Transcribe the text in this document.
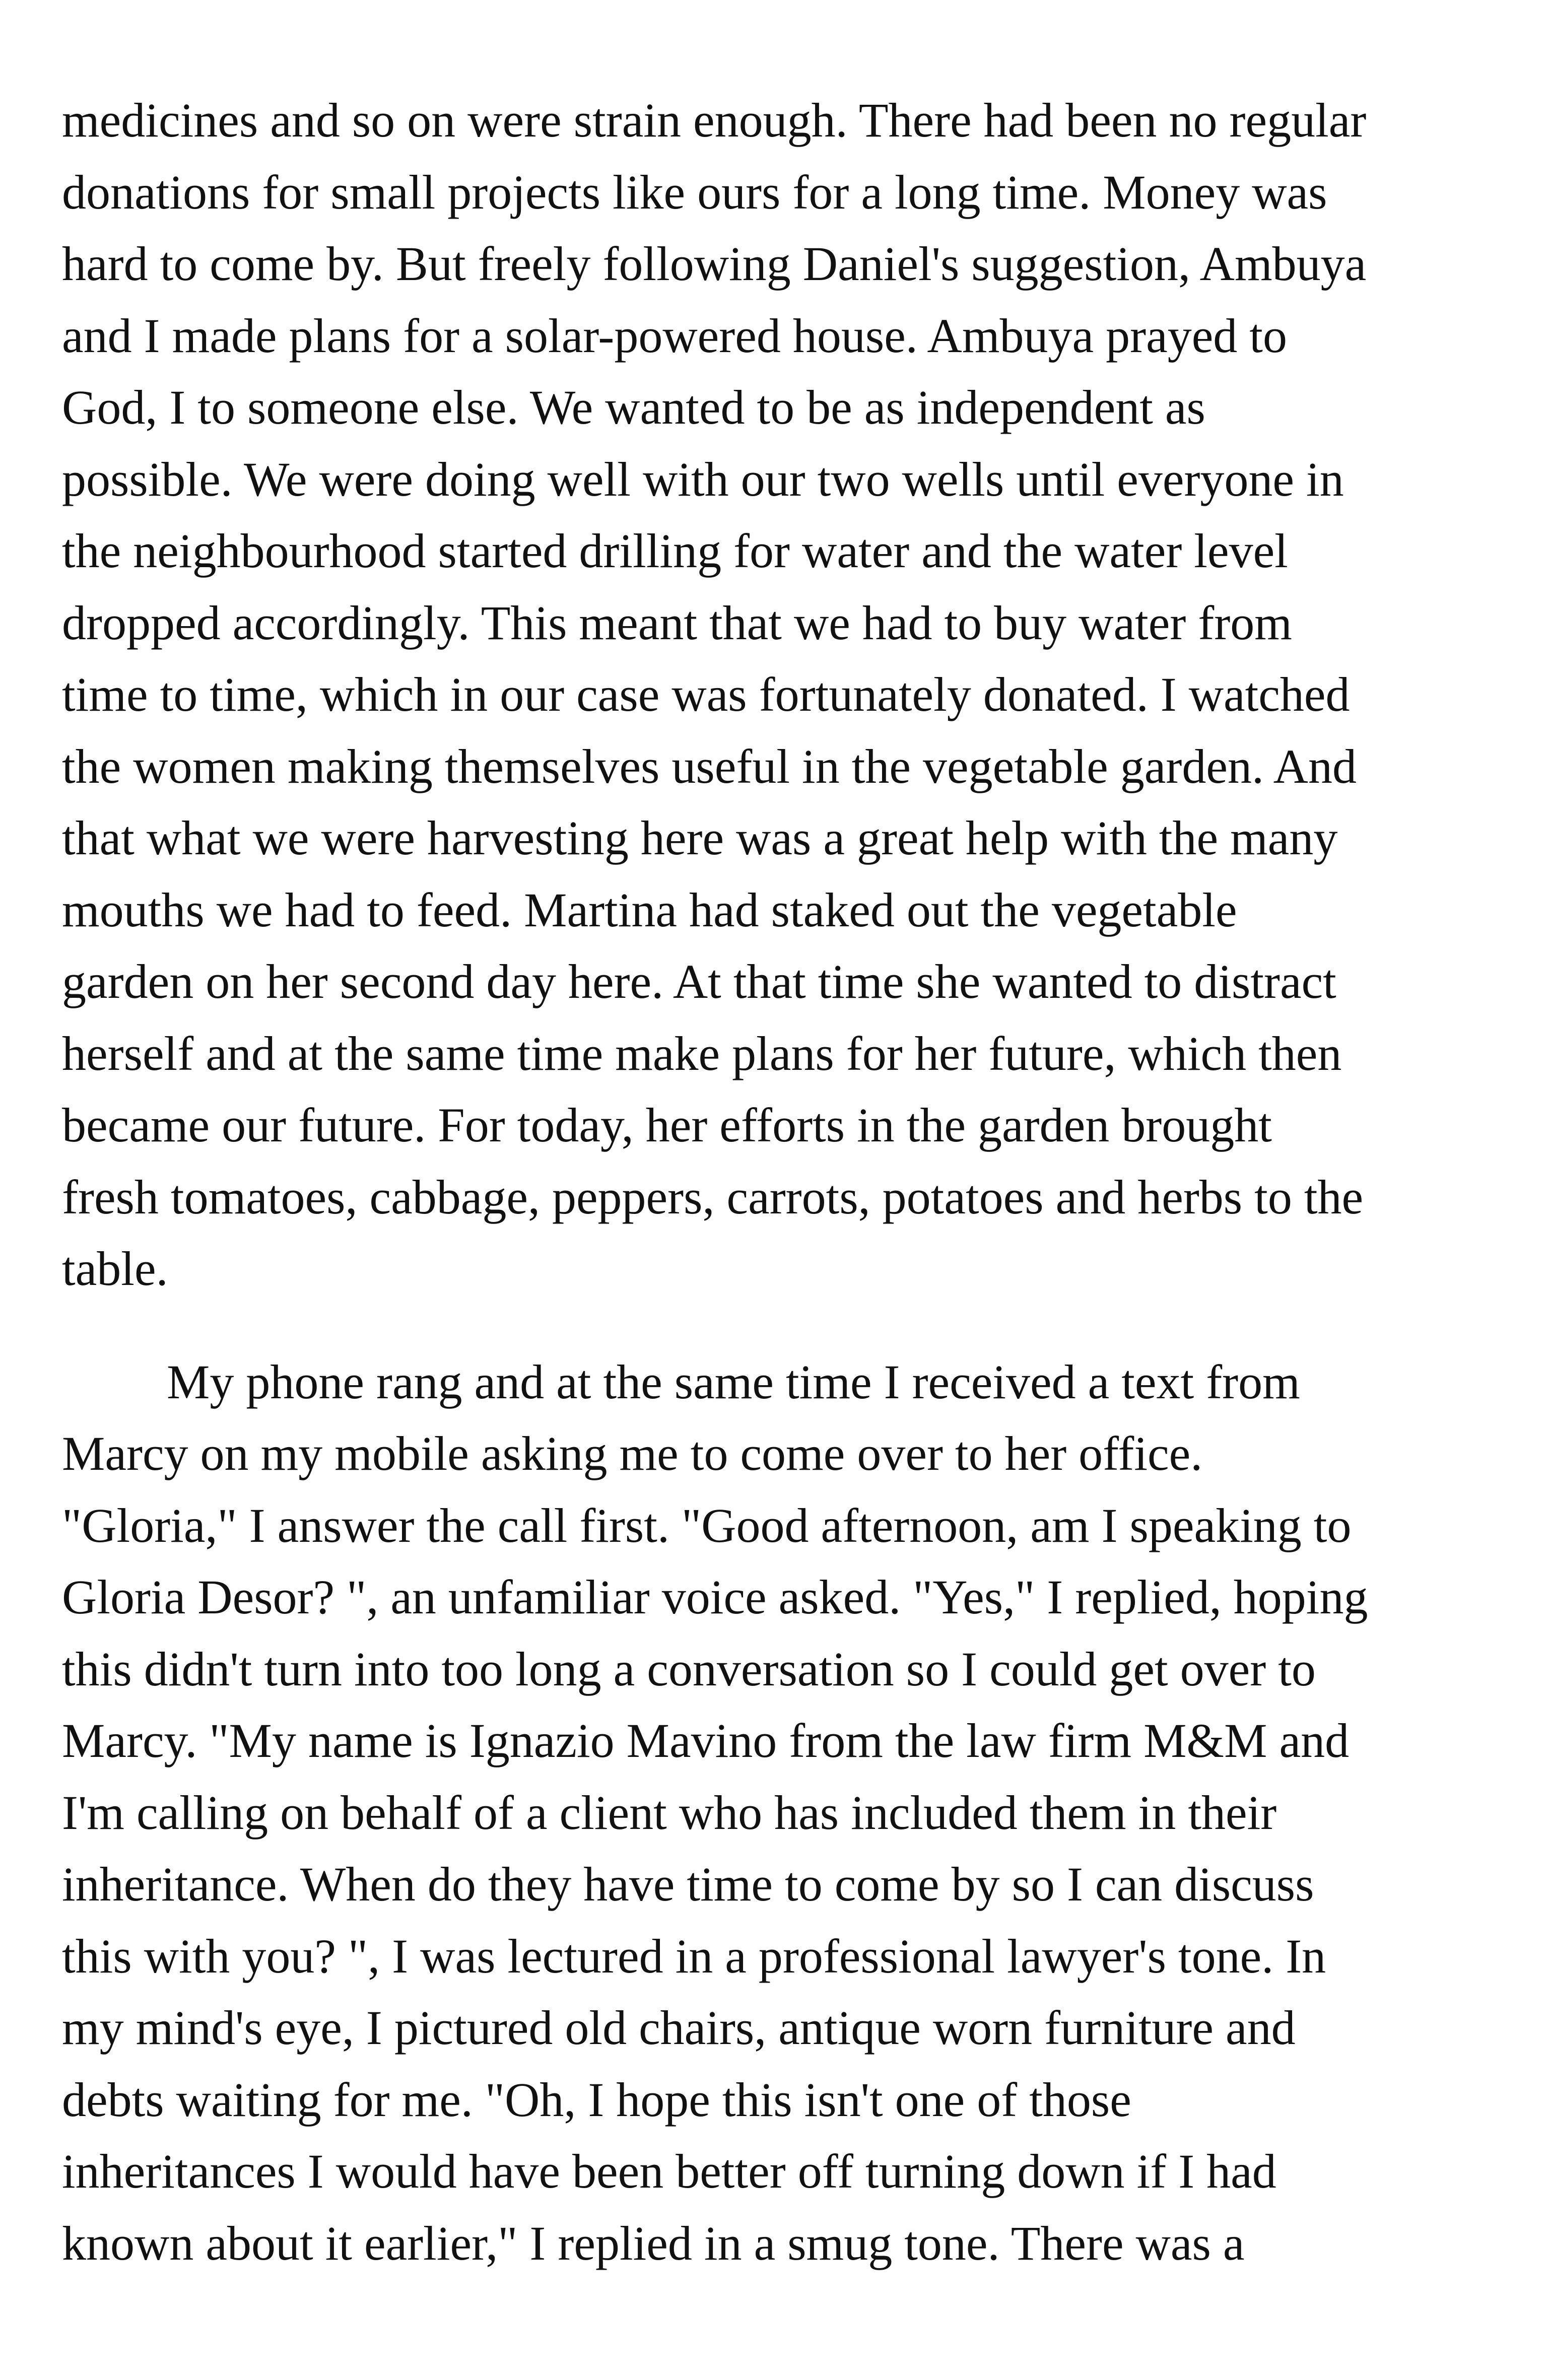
medicines and so on were strain enough. There had been no regular
donations for small projects like ours for a long time. Money was
hard to come by. But freely following Daniel's suggestion, Ambuya
and I made plans for a solar-powered house. Ambuya prayed to
God, I to someone else. We wanted to be as independent as
possible. We were doing well with our two wells until everyone in
the neighbourhood started drilling for water and the water level
dropped accordingly. This meant that we had to buy water from
time to time, which in our case was fortunately donated. I watched
the women making themselves useful in the vegetable garden. And
that what we were harvesting here was a great help with the many
mouths we had to feed. Martina had staked out the vegetable
garden on her second day here. At that time she wanted to distract
herself and at the same time make plans for her future, which then
became our future. For today, her efforts in the garden brought
fresh tomatoes, cabbage, peppers, carrots, potatoes and herbs to the
table.
My phone rang and at the same time I received a text from
Marcy on my mobile asking me to come over to her office.
"Gloria," I answer the call first. "Good afternoon, am I speaking to
Gloria Desor? ", an unfamiliar voice asked. "Yes," I replied, hoping
this didn't turn into too long a conversation so I could get over to
Marcy. "My name is Ignazio Mavino from the law firm M&M and
I'm calling on behalf of a client who has included them in their
inheritance. When do they have time to come by so I can discuss
this with you? ", I was lectured in a professional lawyer's tone. In
my mind's eye, I pictured old chairs, antique worn furniture and
debts waiting for me. "Oh, I hope this isn't one of those
inheritances I would have been better off turning down if I had
known about it earlier," I replied in a smug tone. There was a
